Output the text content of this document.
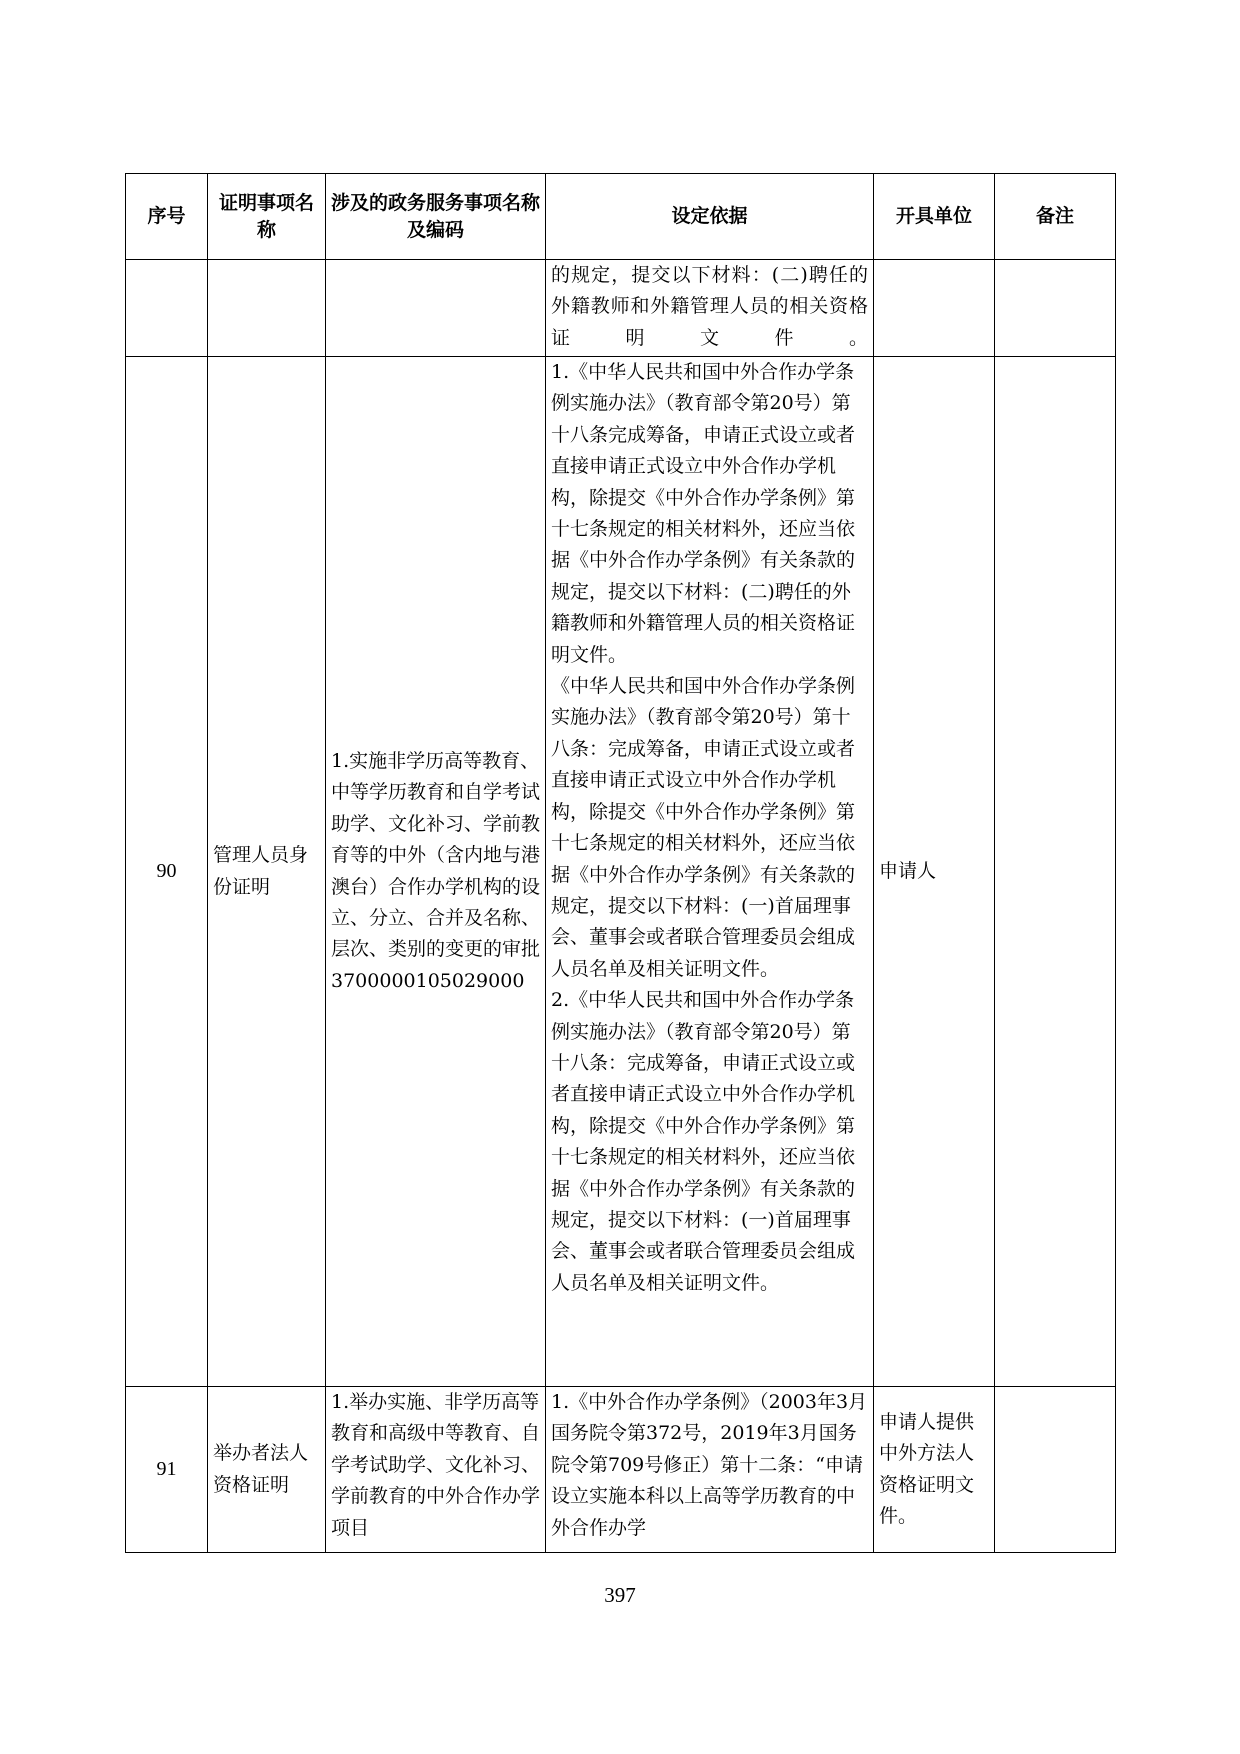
序号	证明事项名称	涉及的政务服务事项名称及编码	设定依据	开具单位	备注
			的规定，提交以下材料：(二)聘任的外籍教师和外籍管理人员的相关资格证明文件。		
90	管理人员身份证明	1.实施非学历高等教育、中等学历教育和自学考试助学、文化补习、学前教育等的中外（含内地与港澳台）合作办学机构的设立、分立、合并及名称、层次、类别的变更的审批3700000105029000	1.《中华人民共和国中外合作办学条例实施办法》（教育部令第20号）第十八条完成筹备，申请正式设立或者直接申请正式设立中外合作办学机构，除提交《中外合作办学条例》第十七条规定的相关材料外，还应当依据《中外合作办学条例》有关条款的规定，提交以下材料：(二)聘任的外籍教师和外籍管理人员的相关资格证明文件。
《中华人民共和国中外合作办学条例实施办法》（教育部令第20号）第十八条：完成筹备，申请正式设立或者直接申请正式设立中外合作办学机构，除提交《中外合作办学条例》第十七条规定的相关材料外，还应当依据《中外合作办学条例》有关条款的规定，提交以下材料：(一)首届理事会、董事会或者联合管理委员会组成人员名单及相关证明文件。
2.《中华人民共和国中外合作办学条例实施办法》（教育部令第20号）第十八条：完成筹备，申请正式设立或者直接申请正式设立中外合作办学机构，除提交《中外合作办学条例》第十七条规定的相关材料外，还应当依据《中外合作办学条例》有关条款的规定，提交以下材料：(一)首届理事会、董事会或者联合管理委员会组成人员名单及相关证明文件。	申请人	
91	举办者法人资格证明	1.举办实施、非学历高等教育和高级中等教育、自学考试助学、文化补习、学前教育的中外合作办学项目	1.《中外合作办学条例》（2003年3月国务院令第372号，2019年3月国务院令第709号修正）第十二条：“申请设立实施本科以上高等学历教育的中外合作办学	申请人提供中外方法人资格证明文件。	
397
